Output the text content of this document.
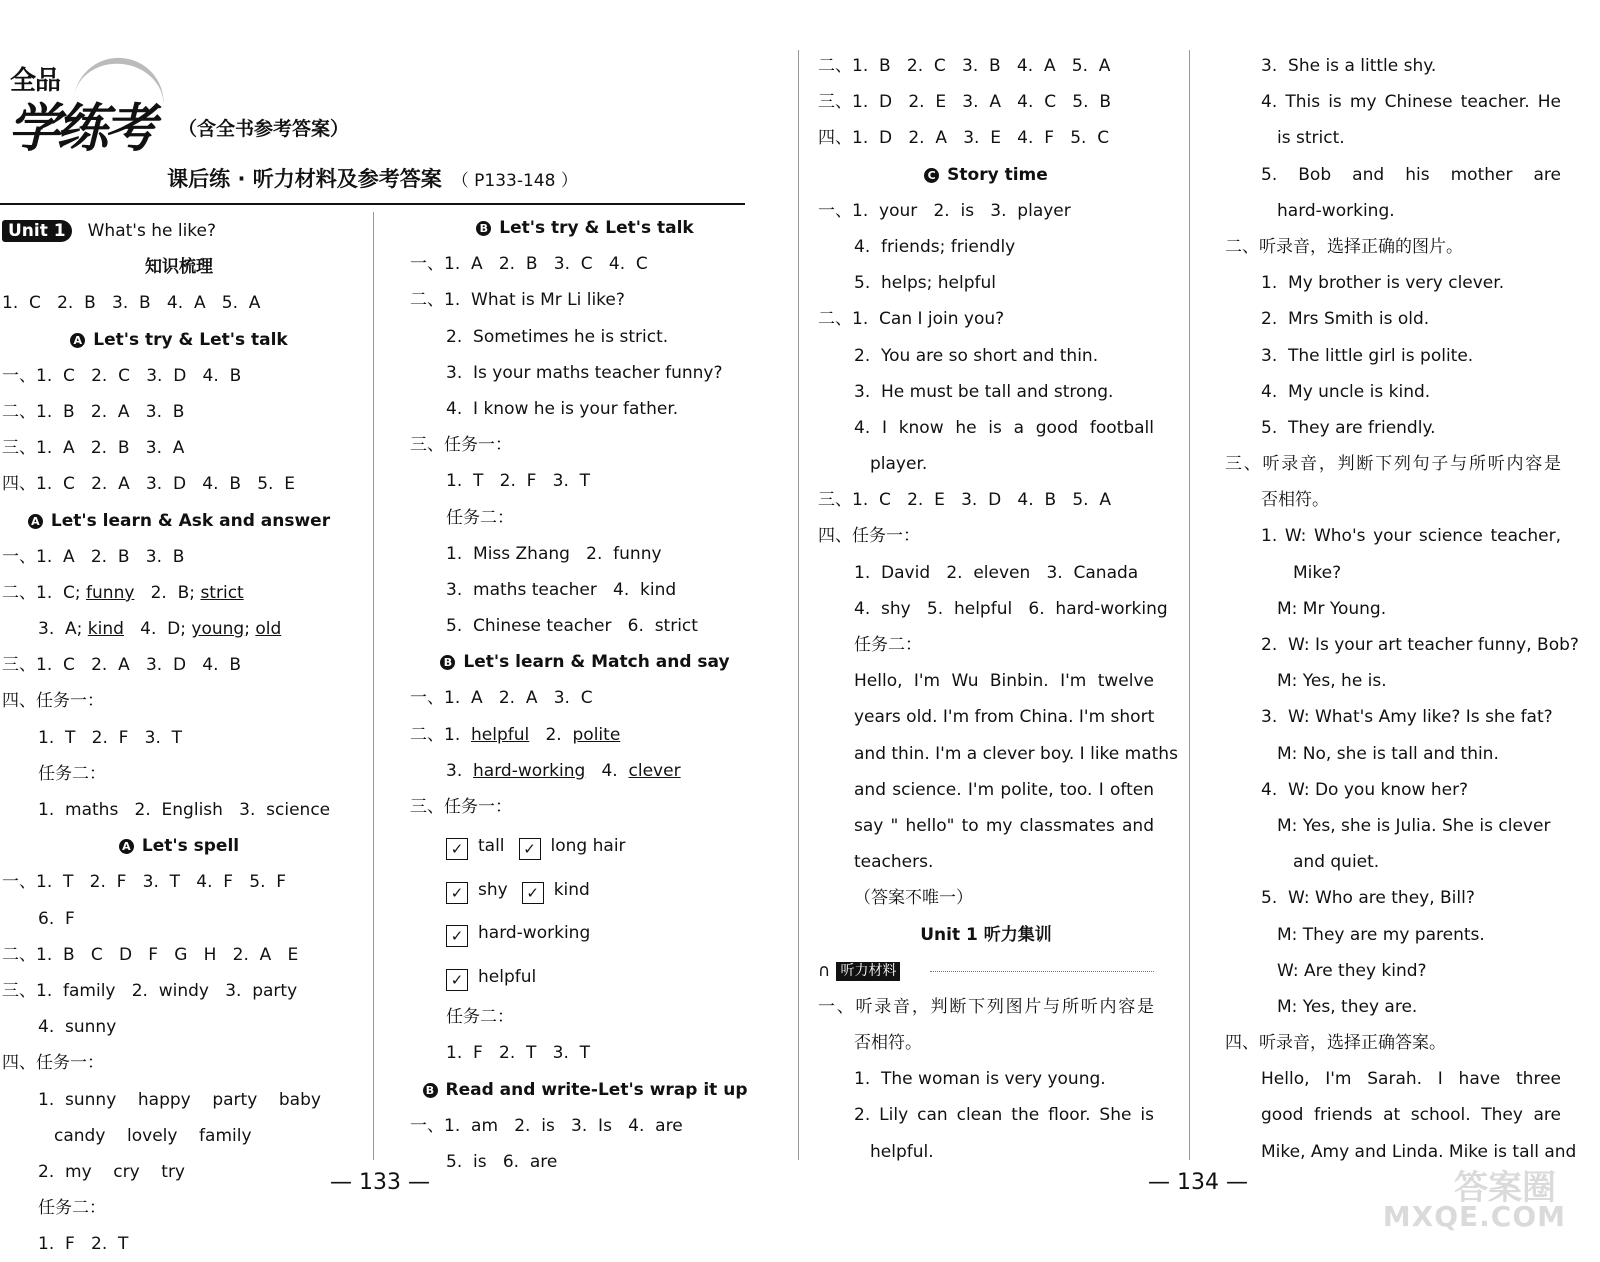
全品
学练考 （含全书参考答案）
课后练 · 听力材料及参考答案 （ P133-148 ）
Unit 1 What's he like?
知识梳理
1.  C   2.  B   3.  B   4.  A   5.  A
A Let's try & Let's talk
一、1.  C   2.  C   3.  D   4.  B
二、1.  B   2.  A   3.  B
三、1.  A   2.  B   3.  A
四、1.  C   2.  A   3.  D   4.  B   5.  E
A Let's learn & Ask and answer
一、1.  A   2.  B   3.  B
二、1.  C; funny   2.  B; strict
3.  A; kind   4.  D; young; old
三、1.  C   2.  A   3.  D   4.  B
四、任务一：
1.  T   2.  F   3.  T
任务二：
1.  maths   2.  English   3.  science
A Let's spell
一、1.  T   2.  F   3.  T   4.  F   5.  F
6.  F
二、1.  B   C   D   F   G   H   2.  A   E
三、1.  family   2.  windy   3.  party
4.  sunny
四、任务一：
1.  sunny    happy    party    baby
candy    lovely    family
2.  my    cry    try
任务二：
1.  F   2.  T
B Let's try & Let's talk
一、1.  A   2.  B   3.  C   4.  C
二、1.  What is Mr Li like?
2.  Sometimes he is strict.
3.  Is your maths teacher funny?
4.  I know he is your father.
三、任务一：
1.  T   2.  F   3.  T
任务二：
1.  Miss Zhang   2.  funny
3.  maths teacher   4.  kind
5.  Chinese teacher   6.  strict
B Let's learn & Match and say
一、1.  A   2.  A   3.  C
二、1.  helpful   2.  polite
3.  hard-working   4.  clever
三、任务一：
✓ tall ✓ long hair
✓ shy ✓ kind
✓ hard-working
✓ helpful
任务二：
1.  F   2.  T   3.  T
B Read and write-Let's wrap it up
一、1.  am   2.  is   3.  Is   4.  are
5.  is   6.  are
二、1.  B   2.  C   3.  B   4.  A   5.  A
三、1.  D   2.  E   3.  A   4.  C   5.  B
四、1.  D   2.  A   3.  E   4.  F   5.  C
C Story time
一、1.  your   2.  is   3.  player
4.  friends; friendly
5.  helps; helpful
二、1.  Can I join you?
2.  You are so short and thin.
3.  He must be tall and strong.
4. I know he is a good football
player.
三、1.  C   2.  E   3.  D   4.  B   5.  A
四、任务一：
1.  David   2.  eleven   3.  Canada
4.  shy   5.  helpful   6.  hard-working
任务二：
Hello, I'm Wu Binbin. I'm twelve
years old. I'm from China. I'm short
and thin. I'm a clever boy. I like maths
and science. I'm polite, too. I often
say " hello" to my classmates and
teachers.
（答案不唯一）
Unit 1 听力集训
∩ 听力材料
一、听录音，判断下列图片与所听内容是
否相符。
1.  The woman is very young.
2. Lily can clean the floor. She is
helpful.
3.  She is a little shy.
4. This is my Chinese teacher. He
is strict.
5. Bob and his mother are
hard-working.
二、听录音，选择正确的图片。
1.  My brother is very clever.
2.  Mrs Smith is old.
3.  The little girl is polite.
4.  My uncle is kind.
5.  They are friendly.
三、听录音，判断下列句子与所听内容是
否相符。
1. W: Who's your science teacher,
Mike?
M: Mr Young.
2.  W: Is your art teacher funny, Bob?
M: Yes, he is.
3.  W: What's Amy like? Is she fat?
M: No, she is tall and thin.
4.  W: Do you know her?
M: Yes, she is Julia. She is clever
and quiet.
5.  W: Who are they, Bill?
M: They are my parents.
W: Are they kind?
M: Yes, they are.
四、听录音，选择正确答案。
Hello, I'm Sarah. I have three
good friends at school. They are
Mike, Amy and Linda. Mike is tall and
— 133 —	— 134 —	答案圈
MXQE.COM
